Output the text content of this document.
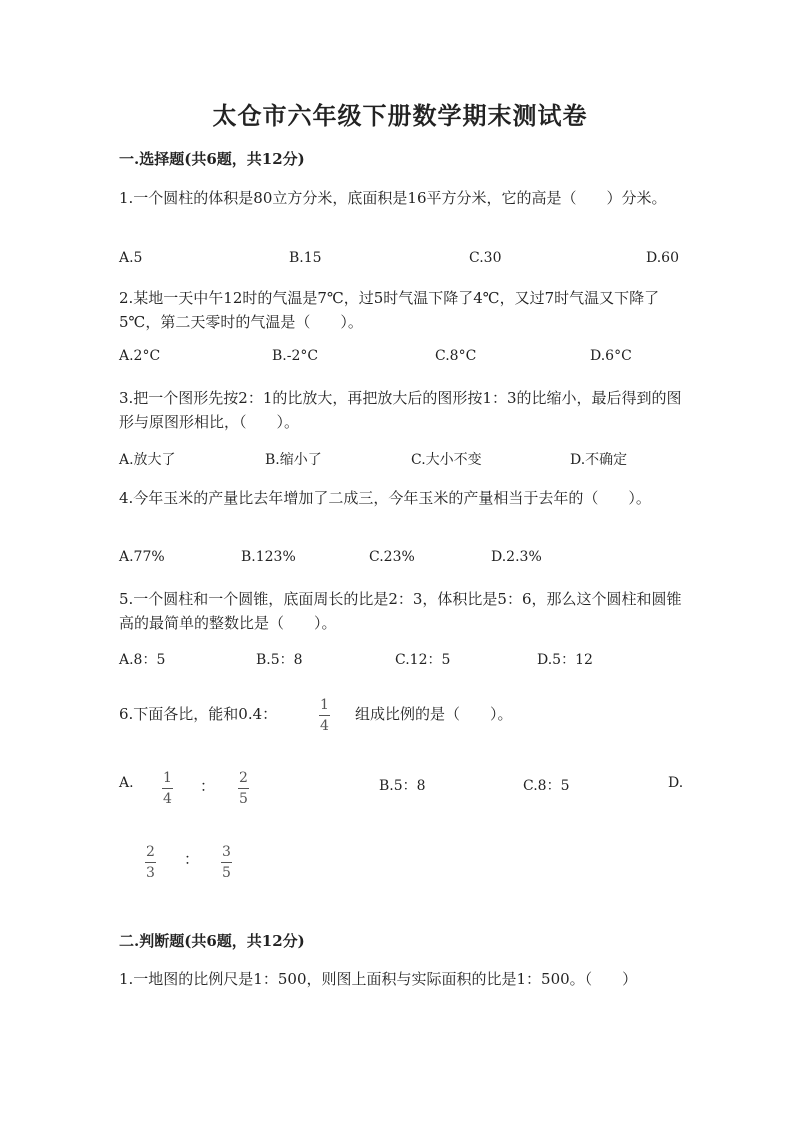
太仓市六年级下册数学期末测试卷
一.选择题(共6题，共12分)
1.一个圆柱的体积是80立方分米，底面积是16平方分米，它的高是（　　）分米。
A.5	B.15	C.30	D.60
2.某地一天中午12时的气温是7℃，过5时气温下降了4℃，又过7时气温又下降了5℃，第二天零时的气温是（　　）。
A.2°C	B.-2°C	C.8°C	D.6°C
3.把一个图形先按2：1的比放大，再把放大后的图形按1：3的比缩小，最后得到的图形与原图形相比，（　　）。
A.放大了	B.缩小了	C.大小不变	D.不确定
4.今年玉米的产量比去年增加了二成三，今年玉米的产量相当于去年的（　　）。
A.77%	B.123%	C.23%	D.2.3%
5.一个圆柱和一个圆锥，底面周长的比是2：3，体积比是5：6，那么这个圆柱和圆锥高的最简单的整数比是（　　）。
A.8：5	B.5：8	C.12：5	D.5：12
6.下面各比，能和0.4：	1
4
组成比例的是（　　）。
A. 1
4
： 2
5
B.5：8	C.8：5	D.
2
3
： 3
5
二.判断题(共6题，共12分)
1.一地图的比例尺是1：500，则图上面积与实际面积的比是1：500。（　　）
